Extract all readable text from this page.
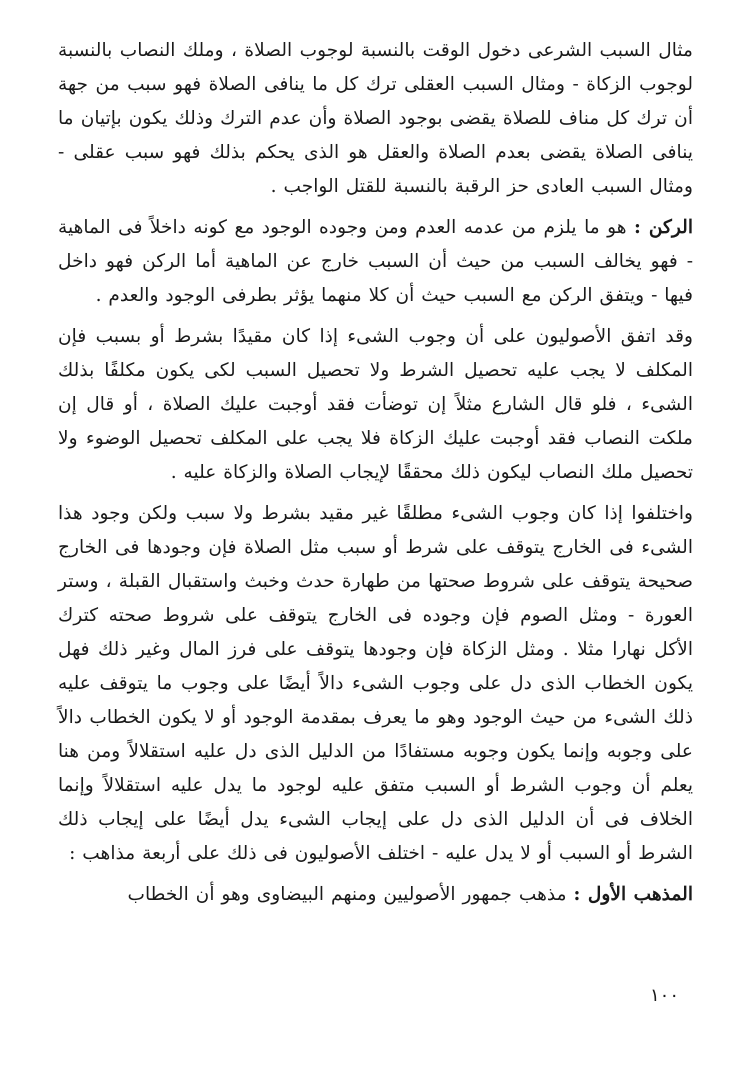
مثال السبب الشرعى دخول الوقت بالنسبة لوجوب الصلاة ، وملك النصاب بالنسبة لوجوب الزكاة - ومثال السبب العقلى ترك كل ما ينافى الصلاة فهو سبب من جهة أن ترك كل مناف للصلاة يقضى بوجود الصلاة وأن عدم الترك وذلك يكون بإتيان ما ينافى الصلاة يقضى بعدم الصلاة والعقل هو الذى يحكم بذلك فهو سبب عقلى - ومثال السبب العادى حز الرقبة بالنسبة للقتل الواجب .

الركن : هو ما يلزم من عدمه العدم ومن وجوده الوجود مع كونه داخلاً فى الماهية - فهو يخالف السبب من حيث أن السبب خارج عن الماهية أما الركن فهو داخل فيها - ويتفق الركن مع السبب حيث أن كلا منهما يؤثر بطرفى الوجود والعدم .

وقد اتفق الأصوليون على أن وجوب الشىء إذا كان مقيدًا بشرط أو بسبب فإن المكلف لا يجب عليه تحصيل الشرط ولا تحصيل السبب لكى يكون مكلفًا بذلك الشىء ، فلو قال الشارع مثلاً إن توضأت فقد أوجبت عليك الصلاة ، أو قال إن ملكت النصاب فقد أوجبت عليك الزكاة فلا يجب على المكلف تحصيل الوضوء ولا تحصيل ملك النصاب ليكون ذلك محققًا لإيجاب الصلاة والزكاة عليه .

واختلفوا إذا كان وجوب الشىء مطلقًا غير مقيد بشرط ولا سبب ولكن وجود هذا الشىء فى الخارج يتوقف على شرط أو سبب مثل الصلاة فإن وجودها فى الخارج صحيحة يتوقف على شروط صحتها من طهارة حدث وخبث واستقبال القبلة ، وستر العورة - ومثل الصوم فإن وجوده فى الخارج يتوقف على شروط صحته كترك الأكل نهارا مثلا . ومثل الزكاة فإن وجودها يتوقف على فرز المال وغير ذلك فهل يكون الخطاب الذى دل على وجوب الشىء دالاً أيضًا على وجوب ما يتوقف عليه ذلك الشىء من حيث الوجود وهو ما يعرف بمقدمة الوجود أو لا يكون الخطاب دالاً على وجوبه وإنما يكون وجوبه مستفادًا من الدليل الذى دل عليه استقلالاً ومن هنا يعلم أن وجوب الشرط أو السبب متفق عليه لوجود ما يدل عليه استقلالاً وإنما الخلاف فى أن الدليل الذى دل على إيجاب الشىء يدل أيضًا على إيجاب ذلك الشرط أو السبب أو لا يدل عليه - اختلف الأصوليون فى ذلك على أربعة مذاهب :

المذهب الأول : مذهب جمهور الأصوليين ومنهم البيضاوى وهو أن الخطاب

١٠٠
